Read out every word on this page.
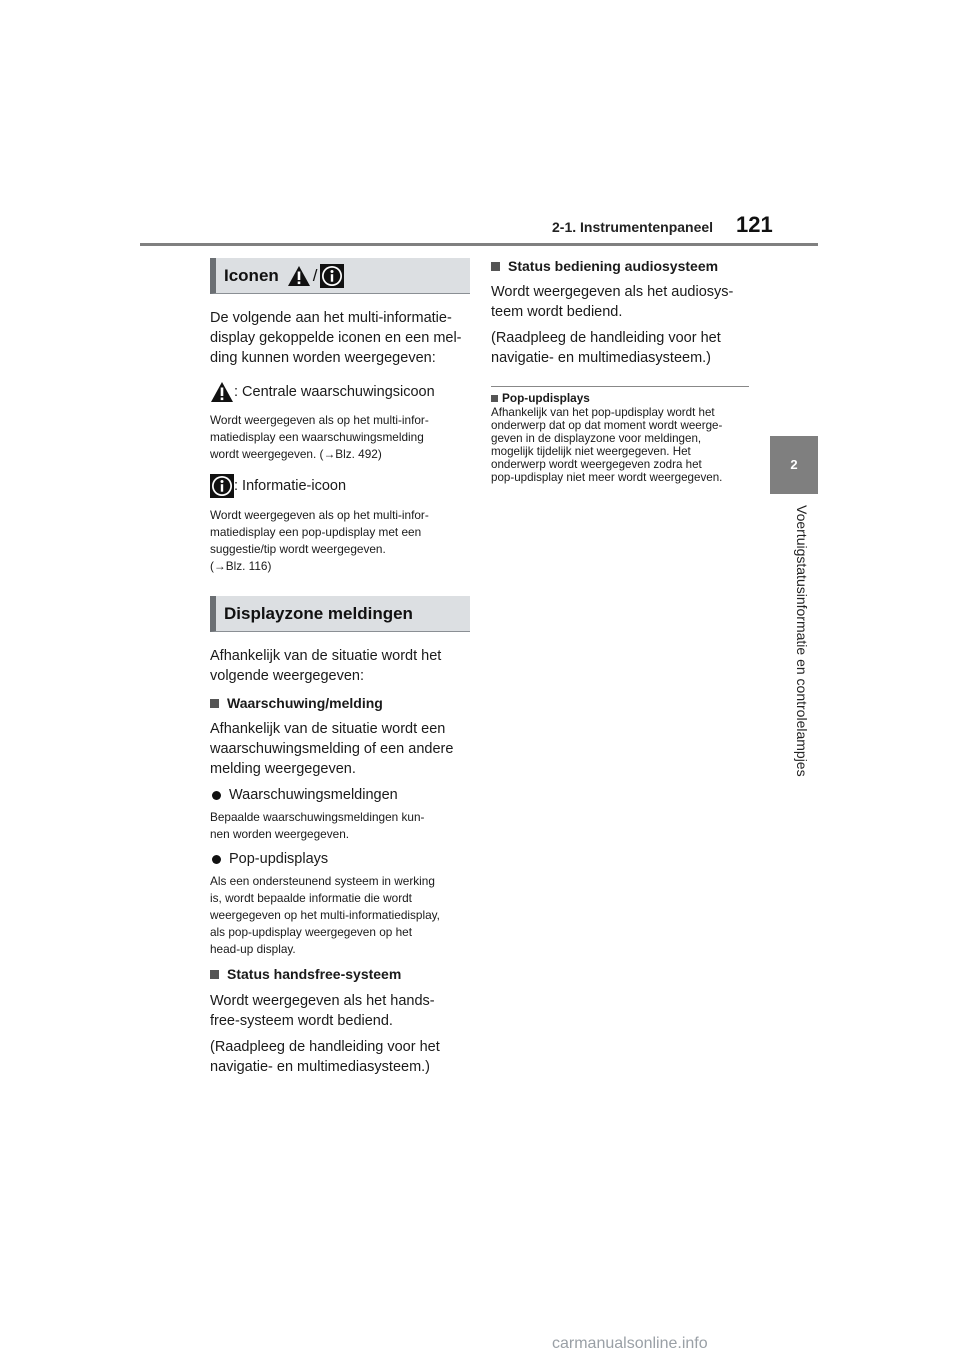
2-1. Instrumentenpaneel 121
2
Voertuigstatusinformatie en controlelampjes
Iconen /

De volgende aan het multi-informatie-

display gekoppelde iconen en een mel-

ding kunnen worden weergegeven:

: Centrale waarschuwingsicoon

Wordt weergegeven als op het multi-infor-

matiedisplay een waarschuwingsmelding

wordt weergegeven. (→Blz. 492)

: Informatie-icoon

Wordt weergegeven als op het multi-infor-

matiedisplay een pop-updisplay met een

suggestie/tip wordt weergegeven.

(→Blz. 116)

Displayzone meldingen

Afhankelijk van de situatie wordt het

volgende weergegeven:

Waarschuwing/melding

Afhankelijk van de situatie wordt een

waarschuwingsmelding of een andere

melding weergegeven.

Waarschuwingsmeldingen

Bepaalde waarschuwingsmeldingen kun-

nen worden weergegeven.

Pop-updisplays

Als een ondersteunend systeem in werking

is, wordt bepaalde informatie die wordt

weergegeven op het multi-informatiedisplay,

als pop-updisplay weergegeven op het

head-up display.

Status handsfree-systeem

Wordt weergegeven als het hands-

free-systeem wordt bediend.

(Raadpleeg de handleiding voor het

navigatie- en multimediasysteem.)

Status bediening audiosysteem

Wordt weergegeven als het audiosys-

teem wordt bediend.

(Raadpleeg de handleiding voor het

navigatie- en multimediasysteem.)

Pop-updisplays

Afhankelijk van het pop-updisplay wordt het

onderwerp dat op dat moment wordt weerge-

geven in de displayzone voor meldingen,

mogelijk tijdelijk niet weergegeven. Het

onderwerp wordt weergegeven zodra het

pop-updisplay niet meer wordt weergegeven.

carmanualsonline.info
